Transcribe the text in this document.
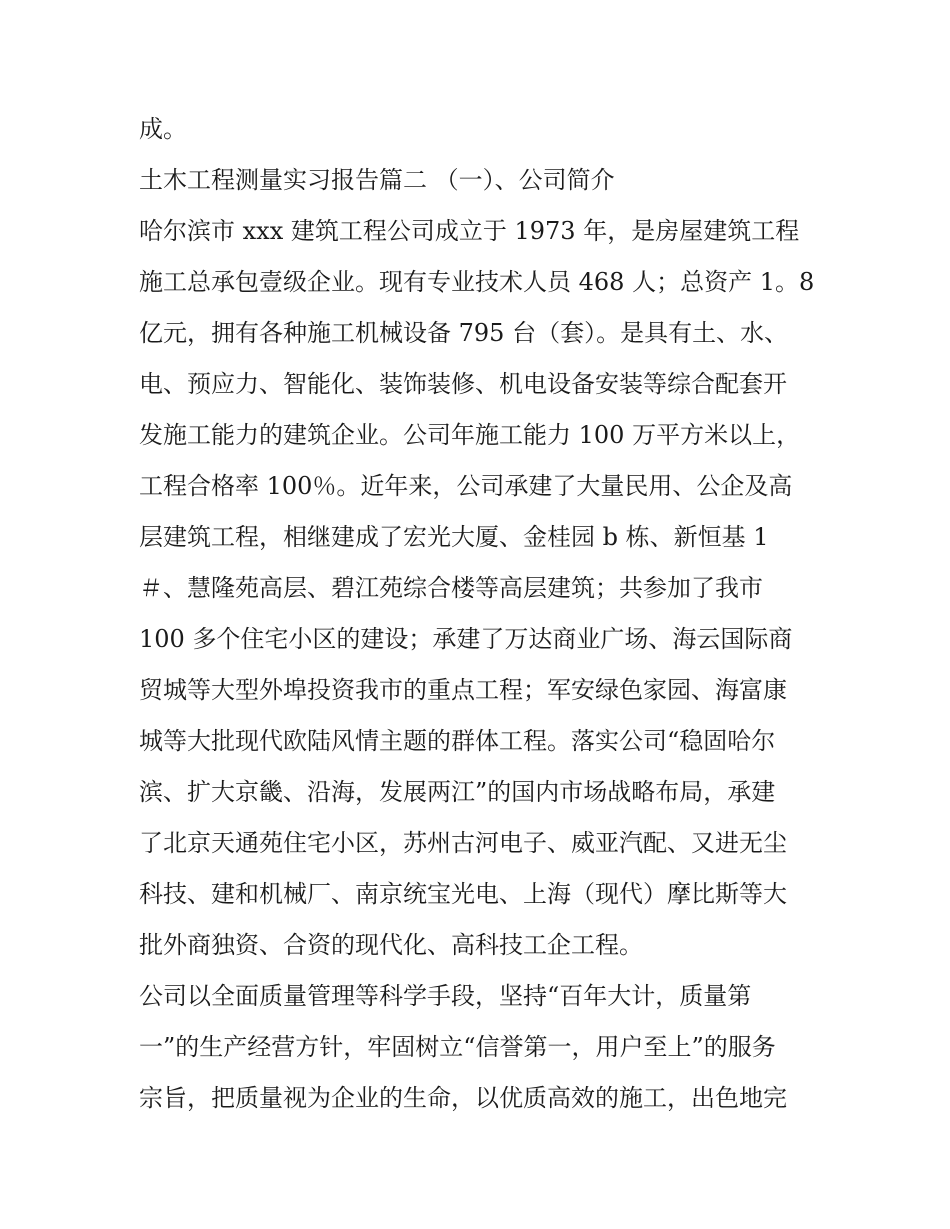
成。
土木工程测量实习报告篇二 （一）、公司简介
哈尔滨市 xxx 建筑工程公司成立于 1973 年，是房屋建筑工程
施工总承包壹级企业。现有专业技术人员 468 人；总资产 1。8
亿元，拥有各种施工机械设备 795 台（套）。是具有土、水、
电、预应力、智能化、装饰装修、机电设备安装等综合配套开
发施工能力的建筑企业。公司年施工能力 100 万平方米以上，
工程合格率 100％。近年来，公司承建了大量民用、公企及高
层建筑工程，相继建成了宏光大厦、金桂园 b 栋、新恒基 1
＃、慧隆苑高层、碧江苑综合楼等高层建筑；共参加了我市
100 多个住宅小区的建设；承建了万达商业广场、海云国际商
贸城等大型外埠投资我市的重点工程；军安绿色家园、海富康
城等大批现代欧陆风情主题的群体工程。落实公司“稳固哈尔
滨、扩大京畿、沿海，发展两江”的国内市场战略布局，承建
了北京天通苑住宅小区，苏州古河电子、威亚汽配、又进无尘
科技、建和机械厂、南京统宝光电、上海（现代）摩比斯等大
批外商独资、合资的现代化、高科技工企工程。
公司以全面质量管理等科学手段，坚持“百年大计，质量第
一”的生产经营方针，牢固树立“信誉第一，用户至上”的服务
宗旨，把质量视为企业的生命，以优质高效的施工，出色地完
